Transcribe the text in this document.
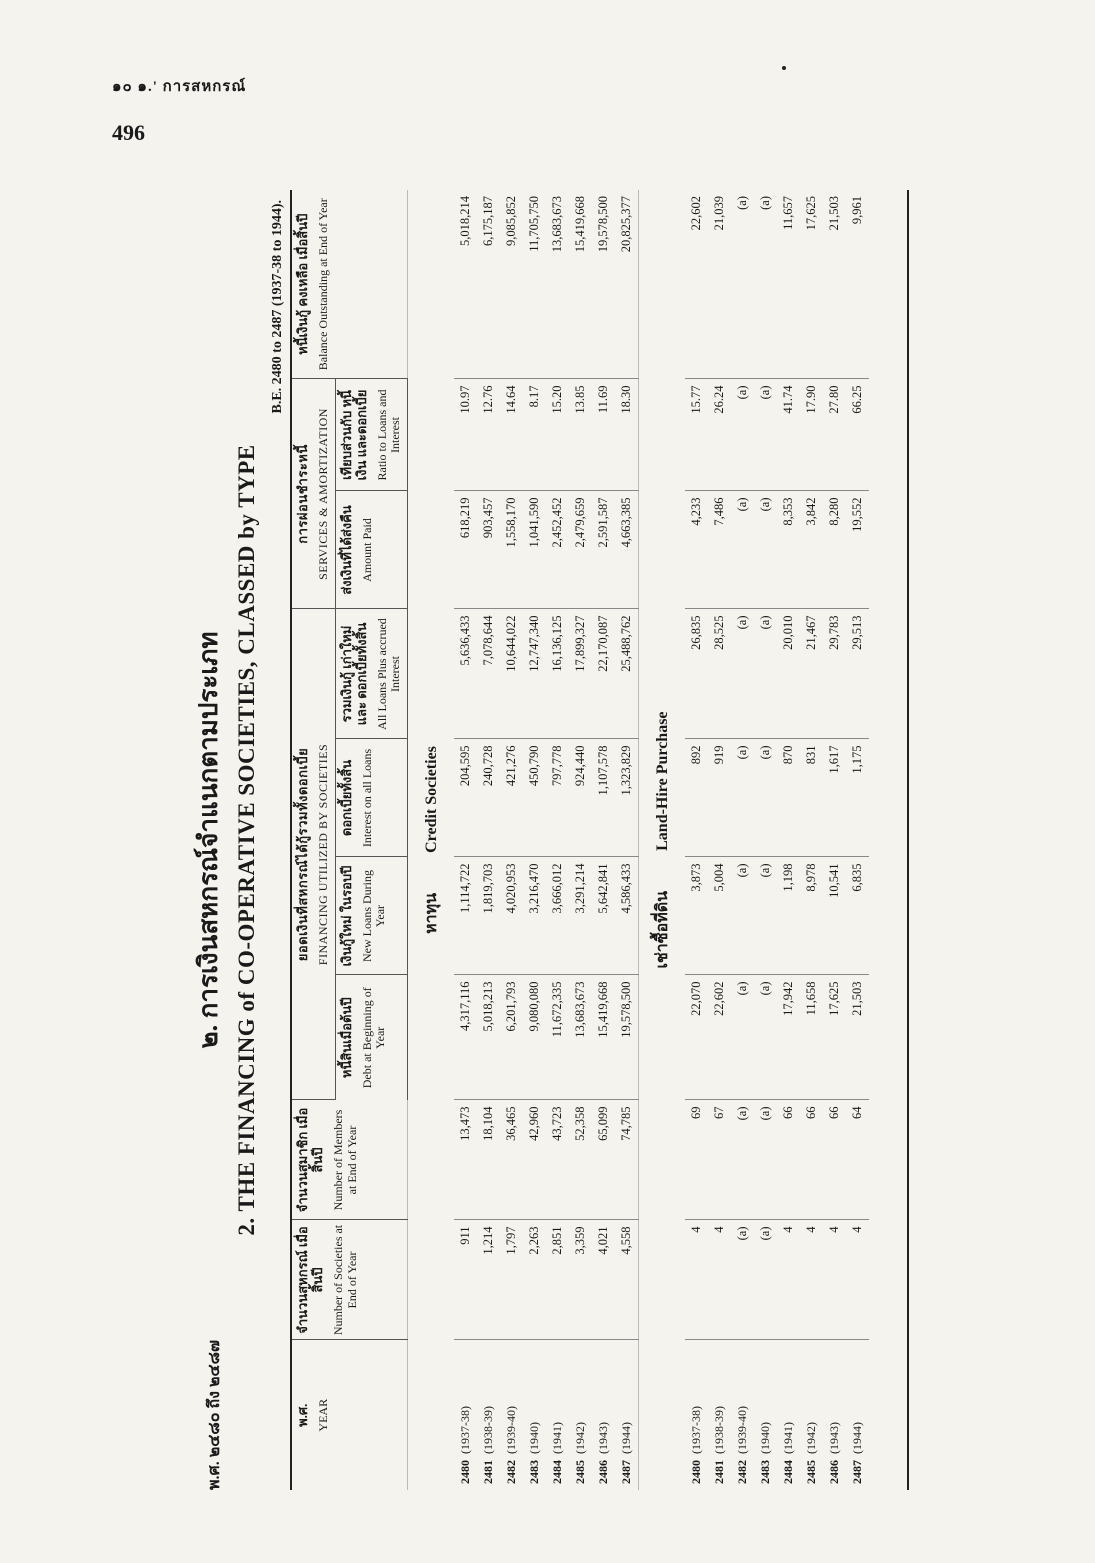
๑๐ ๑.' การสหกรณ์
496
๒. การเงินสหกรณ์จำแนกตามประเภท 2. THE FINANCING of CO-OPERATIVE SOCIETIES, CLASSED by TYPE
พ.ศ. ๒๔๘๐ ถึง ๒๔๘๗
B.E. 2480 to 2487 (1937-38 to 1944).
พ.ศ. YEAR	จำนวนสหกรณ์ เมื่อสิ้นปี Number of Societies at End of Year	จำนวนสมาชิก เมื่อสิ้นปี Number of Members at End of Year	ยอดเงินที่สหกรณ์ได้กู้รวมทั้งดอกเบี้ย FINANCING UTILIZED BY SOCIETIES				การผ่อนชำระหนี้ SERVICES & AMORTIZATION		หนี้เงินกู้ คงเหลือ เมื่อสิ้นปี Balance Outstanding at End of Year

			หนี้สินเมื่อต้นปี Debt at Beginning of Year	เงินกู้ใหม่ ในรอบปี New Loans During Year	ดอกเบี้ยทั้งสิ้น Interest on all Loans	รวมเงินกู้ เก่าใหม่ และ ดอกเบี้ยทั้งสิ้น All Loans Plus accrued Interest	ส่งเงินที่ได้ส่งคืน Amount Paid	เทียบส่วนกับ หนี้เงิน และดอกเบี้ย Ratio to Loans and Interest	

หาทุนCredit Societies									
2480(1937-38)	911	13,473	4,317,116	1,114,722	204,595	5,636,433	618,219	10.97	5,018,214
2481(1938-39)	1,214	18,104	5,018,213	1,819,703	240,728	7,078,644	903,457	12.76	6,175,187
2482(1939-40)	1,797	36,465	6,201,793	4,020,953	421,276	10,644,022	1,558,170	14.64	9,085,852
2483(1940)	2,263	42,960	9,080,080	3,216,470	450,790	12,747,340	1,041,590	8.17	11,705,750
2484(1941)	2,851	43,723	11,672,335	3,666,012	797,778	16,136,125	2,452,452	15.20	13,683,673
2485(1942)	3,359	52,358	13,683,673	3,291,214	924,440	17,899,327	2,479,659	13.85	15,419,668
2486(1943)	4,021	65,099	15,419,668	5,642,841	1,107,578	22,170,087	2,591,587	11.69	19,578,500
2487(1944)	4,558	74,785	19,578,500	4,586,433	1,323,829	25,488,762	4,663,385	18.30	20,825,377
เช่าซื้อที่ดินLand-Hire Purchase									
2480(1937-38)	4	69	22,070	3,873	892	26,835	4,233	15.77	22,602
2481(1938-39)	4	67	22,602	5,004	919	28,525	7,486	26.24	21,039
2482(1939-40)	(a)	(a)	(a)	(a)	(a)	(a)	(a)	(a)	(a)
2483(1940)	(a)	(a)	(a)	(a)	(a)	(a)	(a)	(a)	(a)
2484(1941)	4	66	17,942	1,198	870	20,010	8,353	41.74	11,657
2485(1942)	4	66	11,658	8,978	831	21,467	3,842	17.90	17,625
2486(1943)	4	66	17,625	10,541	1,617	29,783	8,280	27.80	21,503
2487(1944)	4	64	21,503	6,835	1,175	29,513	19,552	66.25	9,961
